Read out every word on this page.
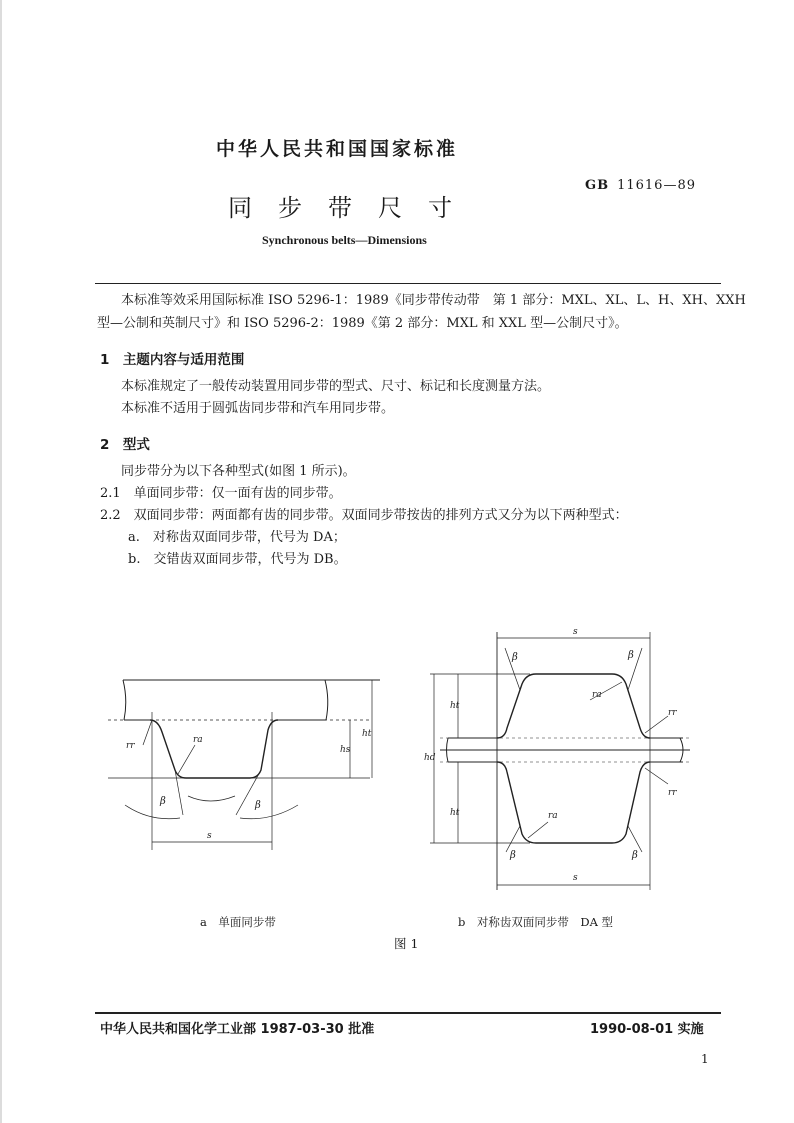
中华人民共和国国家标准
GB 11616—89
同步带尺寸
Synchronous belts—Dimensions
本标准等效采用国际标准 ISO 5296-1：1989《同步带传动带　第 1 部分：MXL、XL、L、H、XH、XXH
型—公制和英制尺寸》和 ISO 5296-2：1989《第 2 部分：MXL 和 XXL 型—公制尺寸》。
1　主题内容与适用范围
本标准规定了一般传动装置用同步带的型式、尺寸、标记和长度测量方法。
本标准不适用于圆弧齿同步带和汽车用同步带。
2　型式
同步带分为以下各种型式(如图 1 所示)。
2.1　单面同步带：仅一面有齿的同步带。
2.2　双面同步带：两面都有齿的同步带。双面同步带按齿的排列方式又分为以下两种型式：
a.　对称齿双面同步带，代号为 DA；
b.　交错齿双面同步带，代号为 DB。
rr
ra
hs
ht
β	β
s
s
s
β	β
β	β
ra
ra
rr
rr
ht
ht
hd
a　单面同步带	b　对称齿双面同步带　DA 型
图 1
中华人民共和国化学工业部 1987-03-30 批准	1990-08-01 实施
1
